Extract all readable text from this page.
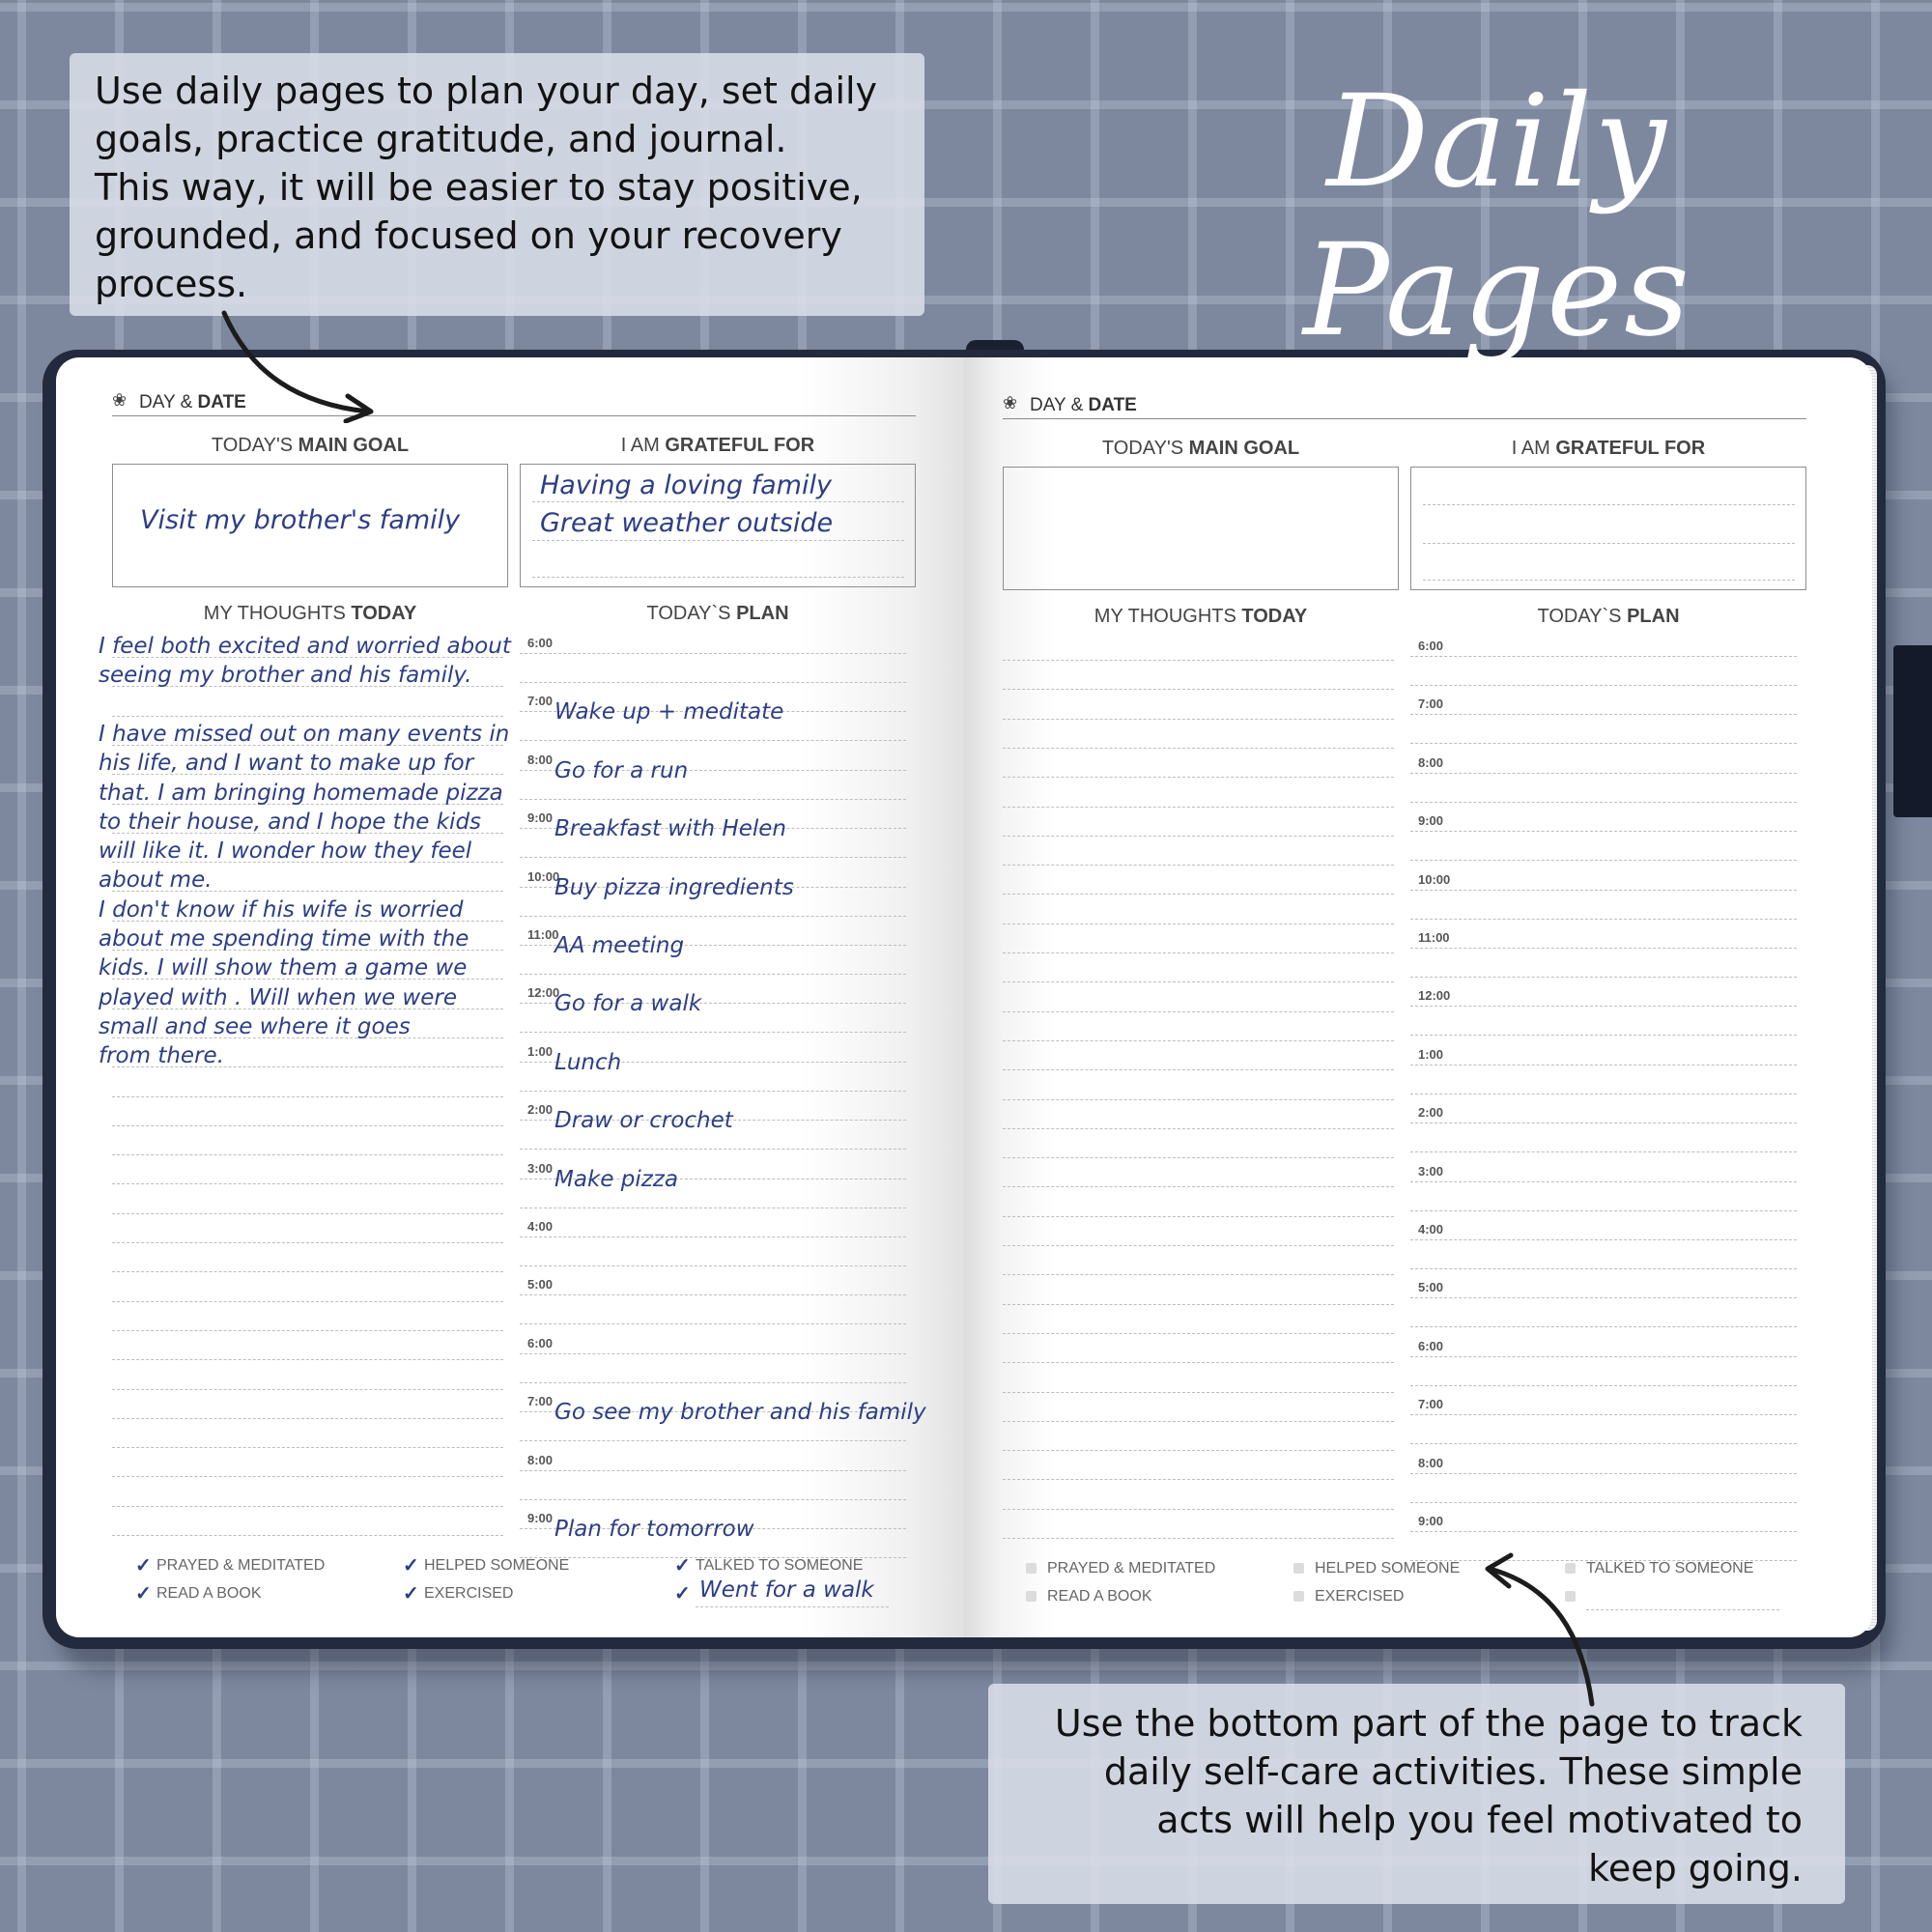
Use daily pages to plan your day, set daily
goals, practice gratitude, and journal.
This way, it will be easier to stay positive,
grounded, and focused on your recovery
process.
Daily Pages
❀ DAY & DATE
TODAY'S MAIN GOAL	I AM GRATEFUL FOR
Visit my brother's family
Having a loving family
Great weather outside
MY THOUGHTS TODAY	TODAY`S PLAN
I feel both excited and worried about
seeing my brother and his family.
I have missed out on many events in
his life, and I want to make up for
that. I am bringing homemade pizza
to their house, and I hope the kids
will like it. I wonder how they feel
about me.
I don't know if his wife is worried
about me spending time with the
kids. I will show them a game we
played with . Will when we were
small and see where it goes
from there.
6:00
7:00 Wake up + meditate
8:00 Go for a run
9:00 Breakfast with Helen
10:00
Buy pizza ingredients
11:00
AA meeting
12:00
Go for a walk
1:00 Lunch
2:00 Draw or crochet
3:00 Make pizza
4:00
5:00
6:00
7:00 Go see my brother and his family
8:00
9:00 Plan for tomorrow
✓ PRAYED & MEDITATED	✓ HELPED SOMEONE	✓ TALKED TO SOMEONE
✓ READ A BOOK	✓ EXERCISED	✓ Went for a walk
❀ DAY & DATE
TODAY'S MAIN GOAL	I AM GRATEFUL FOR
MY THOUGHTS TODAY	TODAY`S PLAN
6:00
7:00
8:00
9:00
10:00
11:00
12:00
1:00
2:00
3:00
4:00
5:00
6:00
7:00
8:00
9:00
PRAYED & MEDITATED	HELPED SOMEONE	TALKED TO SOMEONE
READ A BOOK	EXERCISED
Use the bottom part of the page to track
daily self-care activities. These simple
acts will help you feel motivated to
keep going.
